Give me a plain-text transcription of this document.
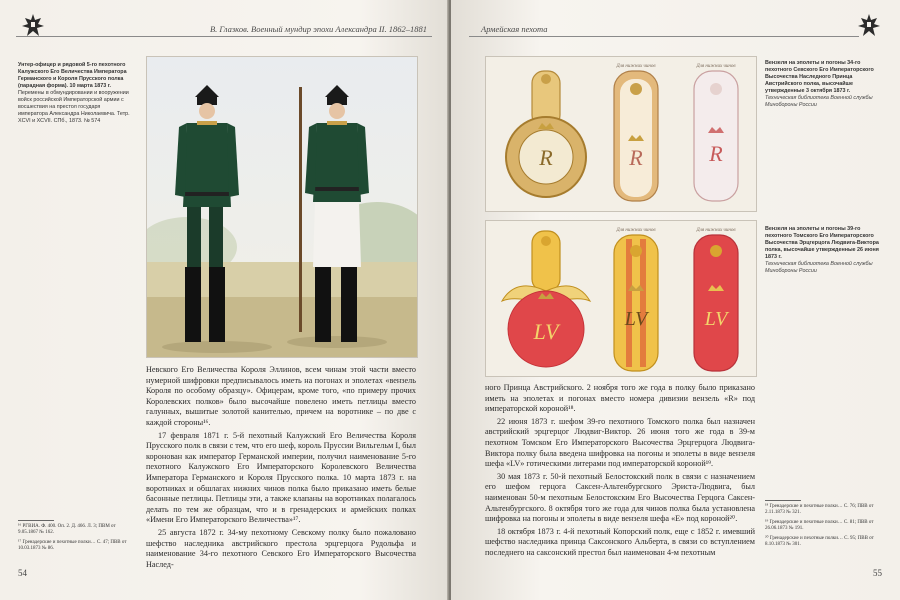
В. Глазков. Военный мундир эпохи Александра II. 1862–1881
Унтер-офицер и рядовой 5-го пехотного Калужского Его Величества Императора Германского и Короля Прусского полка (парадная форма). 10 марта 1873 г.
Перемены в обмундировании и вооружении войск российской Императорской армии с восшествия на престол государя императора Александра Николаевича. Тетр. XCVI и XCVII. СПб., 1873. № 574

Невского Его Величества Короля Эллинов, всем чинам этой части вместо нумерной шифровки предписывалось иметь на погонах и эполетах «вензель Короля по особому образцу». Офицерам, кроме того, «по примеру прочих Королевских полков» было высочайше повелено иметь петлицы вместо галунных, вышитые золотой канителью, причем на воротнике – по две с каждой стороны¹⁶.

17 февраля 1871 г. 5-й пехотный Калужский Его Величества Короля Прусского полк в связи с тем, что его шеф, король Пруссии Вильгельм I, был коронован как император Германской империи, получил наименование 5-го пехотного Калужского Его Императорского Королевского Величества Императора Германского и Короля Прусского полка. 10 марта 1873 г. на воротниках и обшлагах нижних чинов полка было приказано иметь белые басонные петлицы. Петлицы эти, а также клапаны на воротниках полагалось делать по тем же образцам, что и в гренадерских и армейских полках «Имени Его Императорского Величества»¹⁷.

25 августа 1872 г. 34-му пехотному Севскому полку было пожаловано шефство наследника австрийского престола эрцгерцога Рудольфа и наименование 34-го пехотного Севского Его Императорского Высочества Наслед-

¹⁶ РГВИА. Ф. 400. Оп. 2. Д. 466. Л. 3; ПВМ от 9.05.1867 № 162.
¹⁷ Гренадерские и пехотные полки… С. 47; ПВВ от 10.03.1873 № 86.
54
Армейская пехота
R	R
Для нижних чинов
R
Для нижних чинов
LV	LV
Для нижних чинов
LV
Для нижних чинов
Вензеля на эполеты и погоны 34-го пехотного Севского Его Императорского Высочества Наследного Принца Австрийского полка, высочайше утвержденные 3 октября 1873 г.
Техническая библиотека Военной службы Минобороны России
Вензеля на эполеты и погоны 39-го пехотного Томского Его Императорского Высочества Эрцгерцога Людвига-Виктора полка, высочайше утвержденные 26 июня 1873 г.
Техническая библиотека Военной службы Минобороны России

ного Принца Австрийского. 2 ноября того же года в полку было приказано иметь на эполетах и погонах вместо номера дивизии вензель «R» под императорской короной¹⁸.

22 июня 1873 г. шефом 39-го пехотного Томского полка был назначен австрийский эрцгерцог Людвиг-Виктор. 26 июня того же года в 39-м пехотном Томском Его Императорского Высочества Эрцгерцога Людвига-Виктора полку была введена шифровка на погоны и эполеты в виде вензеля шефа «LV» готическими литерами под императорской короной¹⁹.

30 мая 1873 г. 50-й пехотный Белостокский полк в связи с назначением его шефом герцога Саксен-Альтенбургского Эриста-Людвига, был наименован 50-м пехотным Белостокским Его Высочества Герцога Саксен-Альтенбургского. 8 октября того же года для чинов полка была установлена шифровка на погоны и эполеты в виде вензеля шефа «Е» под короной²⁰.

18 октября 1873 г. 4-й пехотный Копорский полк, еще с 1852 г. имевший шефство наследника принца Саксонского Альберта, в связи со вступлением последнего на саксонский престол был наименован 4-м пехотным

¹⁸ Гренадерские и пехотные полки… С. 76; ПВВ от 2.11.1873 № 321.
¹⁹ Гренадерские и пехотные полки… С. 81; ПВВ от 26.06.1873 № 191.
²⁰ Гренадерские и пехотные полки… С. 95; ПВВ от 8.10.1873 № 301.
55
